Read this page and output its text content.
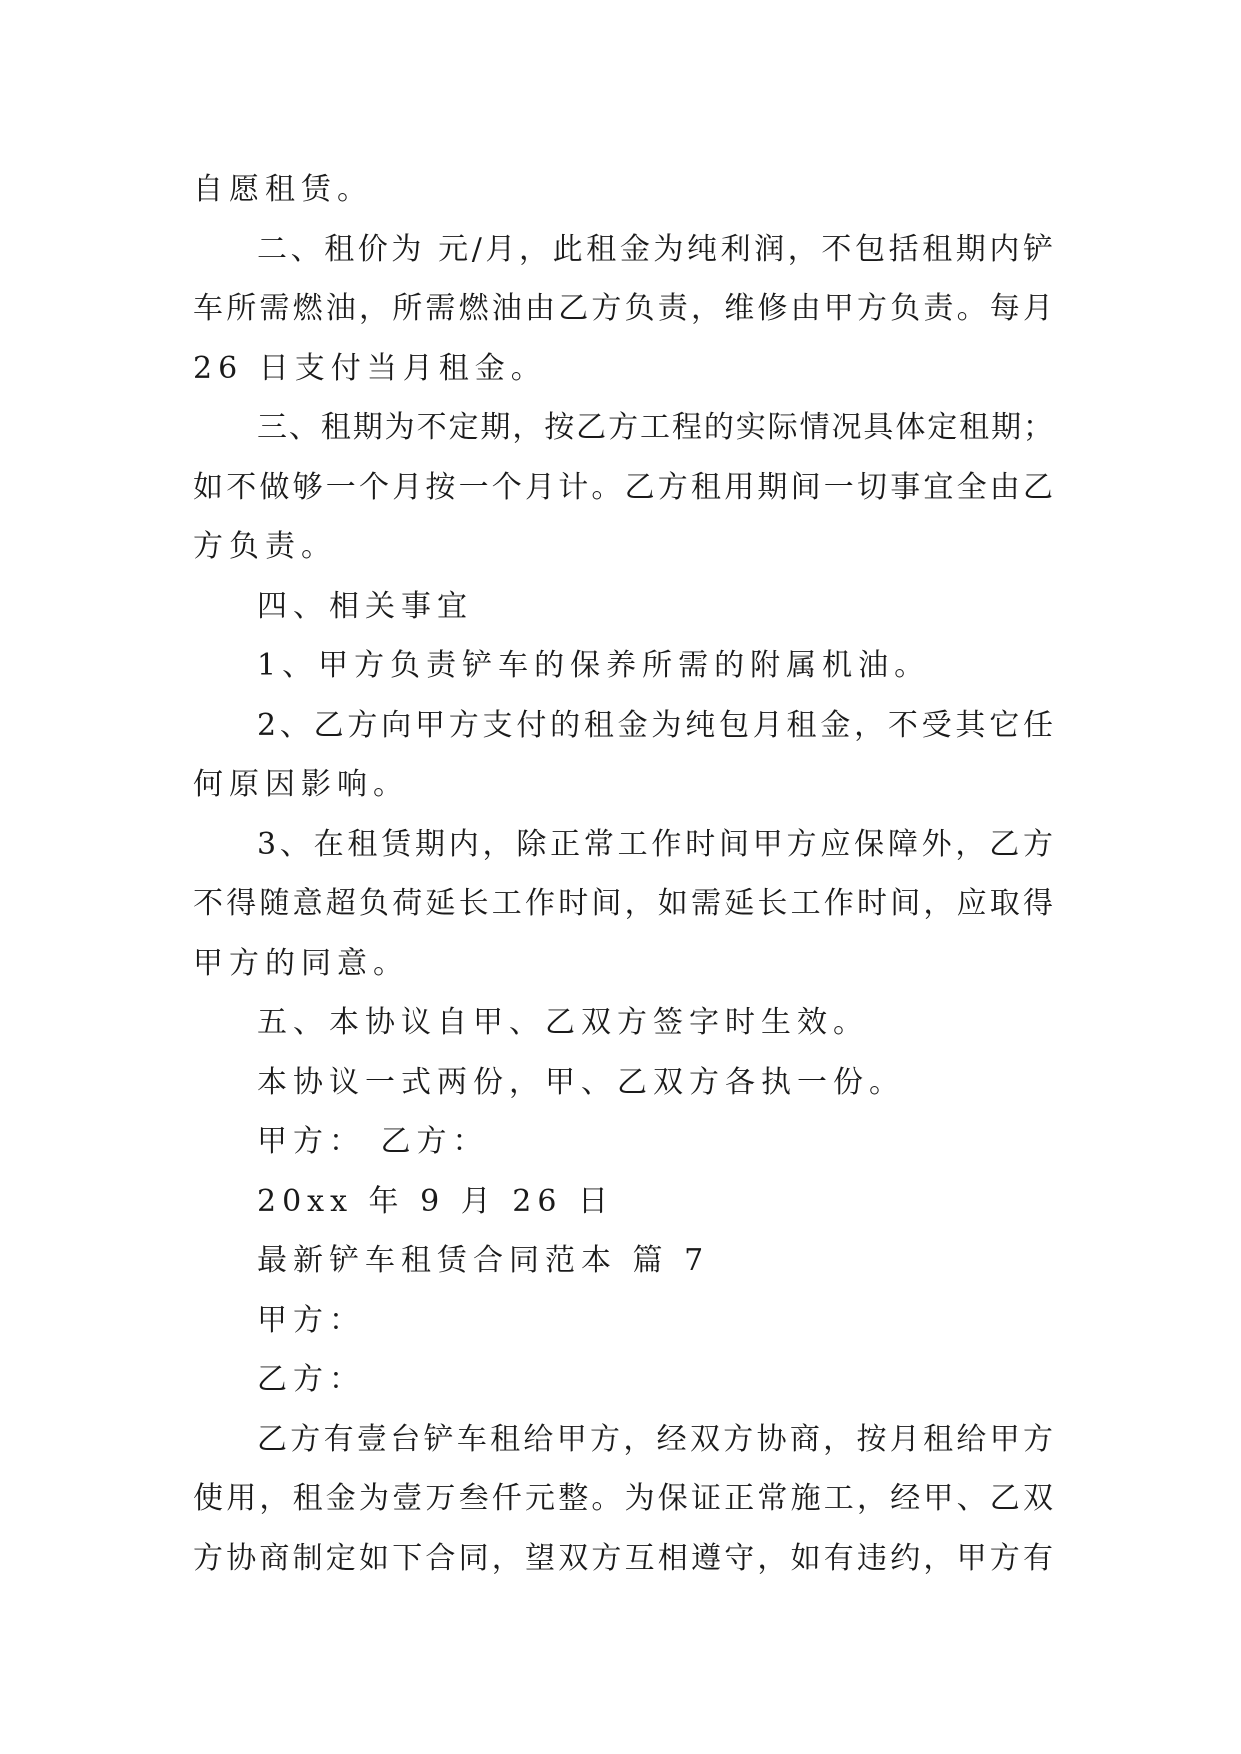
自愿租赁。
二、租价为 元/月，此租金为纯利润，不包括租期内铲
车所需燃油，所需燃油由乙方负责，维修由甲方负责。每月
26 日支付当月租金。
三、租期为不定期，按乙方工程的实际情况具体定租期；
如不做够一个月按一个月计。乙方租用期间一切事宜全由乙
方负责。
四、相关事宜
1、甲方负责铲车的保养所需的附属机油。
2、乙方向甲方支付的租金为纯包月租金，不受其它任
何原因影响。
3、在租赁期内，除正常工作时间甲方应保障外，乙方
不得随意超负荷延长工作时间，如需延长工作时间，应取得
甲方的同意。
五、本协议自甲、乙双方签字时生效。
本协议一式两份，甲、乙双方各执一份。
甲方： 乙方：
20xx 年 9 月 26 日
最新铲车租赁合同范本 篇 7
甲方：
乙方：
乙方有壹台铲车租给甲方，经双方协商，按月租给甲方
使用，租金为壹万叁仟元整。为保证正常施工，经甲、乙双
方协商制定如下合同，望双方互相遵守，如有违约，甲方有
